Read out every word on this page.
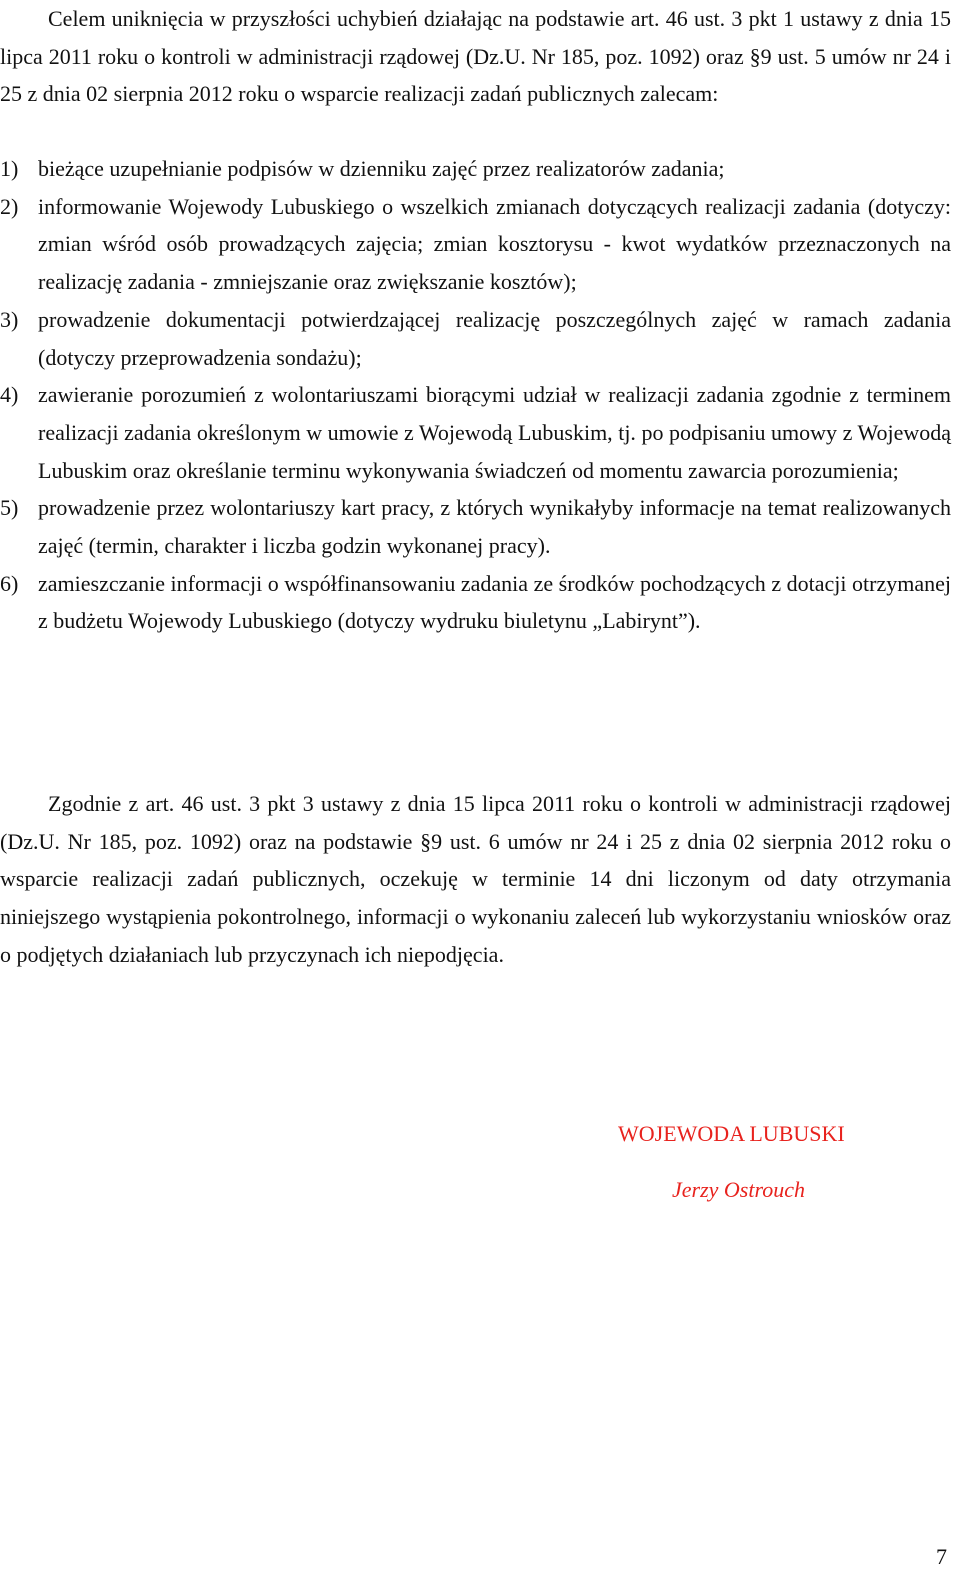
Celem uniknięcia w przyszłości uchybień działając na podstawie art. 46 ust. 3 pkt 1 ustawy z dnia 15 lipca 2011 roku o kontroli w administracji rządowej (Dz.U. Nr 185, poz. 1092) oraz §9 ust. 5 umów nr 24 i 25 z dnia 02 sierpnia 2012 roku o wsparcie realizacji zadań publicznych zalecam:

1) bieżące uzupełnianie podpisów w dzienniku zajęć przez realizatorów zadania;
2) informowanie Wojewody Lubuskiego o wszelkich zmianach dotyczących realizacji zadania (dotyczy: zmian wśród osób prowadzących zajęcia; zmian kosztorysu - kwot wydatków przeznaczonych na realizację zadania - zmniejszanie oraz zwiększanie kosztów);
3) prowadzenie dokumentacji potwierdzającej realizację poszczególnych zajęć w ramach zadania (dotyczy przeprowadzenia sondażu);
4) zawieranie porozumień z wolontariuszami biorącymi udział w realizacji zadania zgodnie z terminem realizacji zadania określonym w umowie z Wojewodą Lubuskim, tj. po podpisaniu umowy z Wojewodą Lubuskim oraz określanie terminu wykonywania świadczeń od momentu zawarcia porozumienia;
5) prowadzenie przez wolontariuszy kart pracy, z których wynikałyby informacje na temat realizowanych zajęć (termin, charakter i liczba godzin wykonanej pracy).
6) zamieszczanie informacji o współfinansowaniu zadania ze środków pochodzących z dotacji otrzymanej z budżetu Wojewody Lubuskiego (dotyczy wydruku biuletynu „Labirynt”).

Zgodnie z art. 46 ust. 3 pkt 3 ustawy z dnia 15 lipca 2011 roku o kontroli w administracji rządowej (Dz.U. Nr 185, poz. 1092) oraz na podstawie §9 ust. 6 umów nr 24 i 25 z dnia 02 sierpnia 2012 roku o wsparcie realizacji zadań publicznych, oczekuję w terminie 14 dni liczonym od daty otrzymania niniejszego wystąpienia pokontrolnego, informacji o wykonaniu zaleceń lub wykorzystaniu wniosków oraz o podjętych działaniach lub przyczynach ich niepodjęcia.

WOJEWODA LUBUSKI
Jerzy Ostrouch
7
